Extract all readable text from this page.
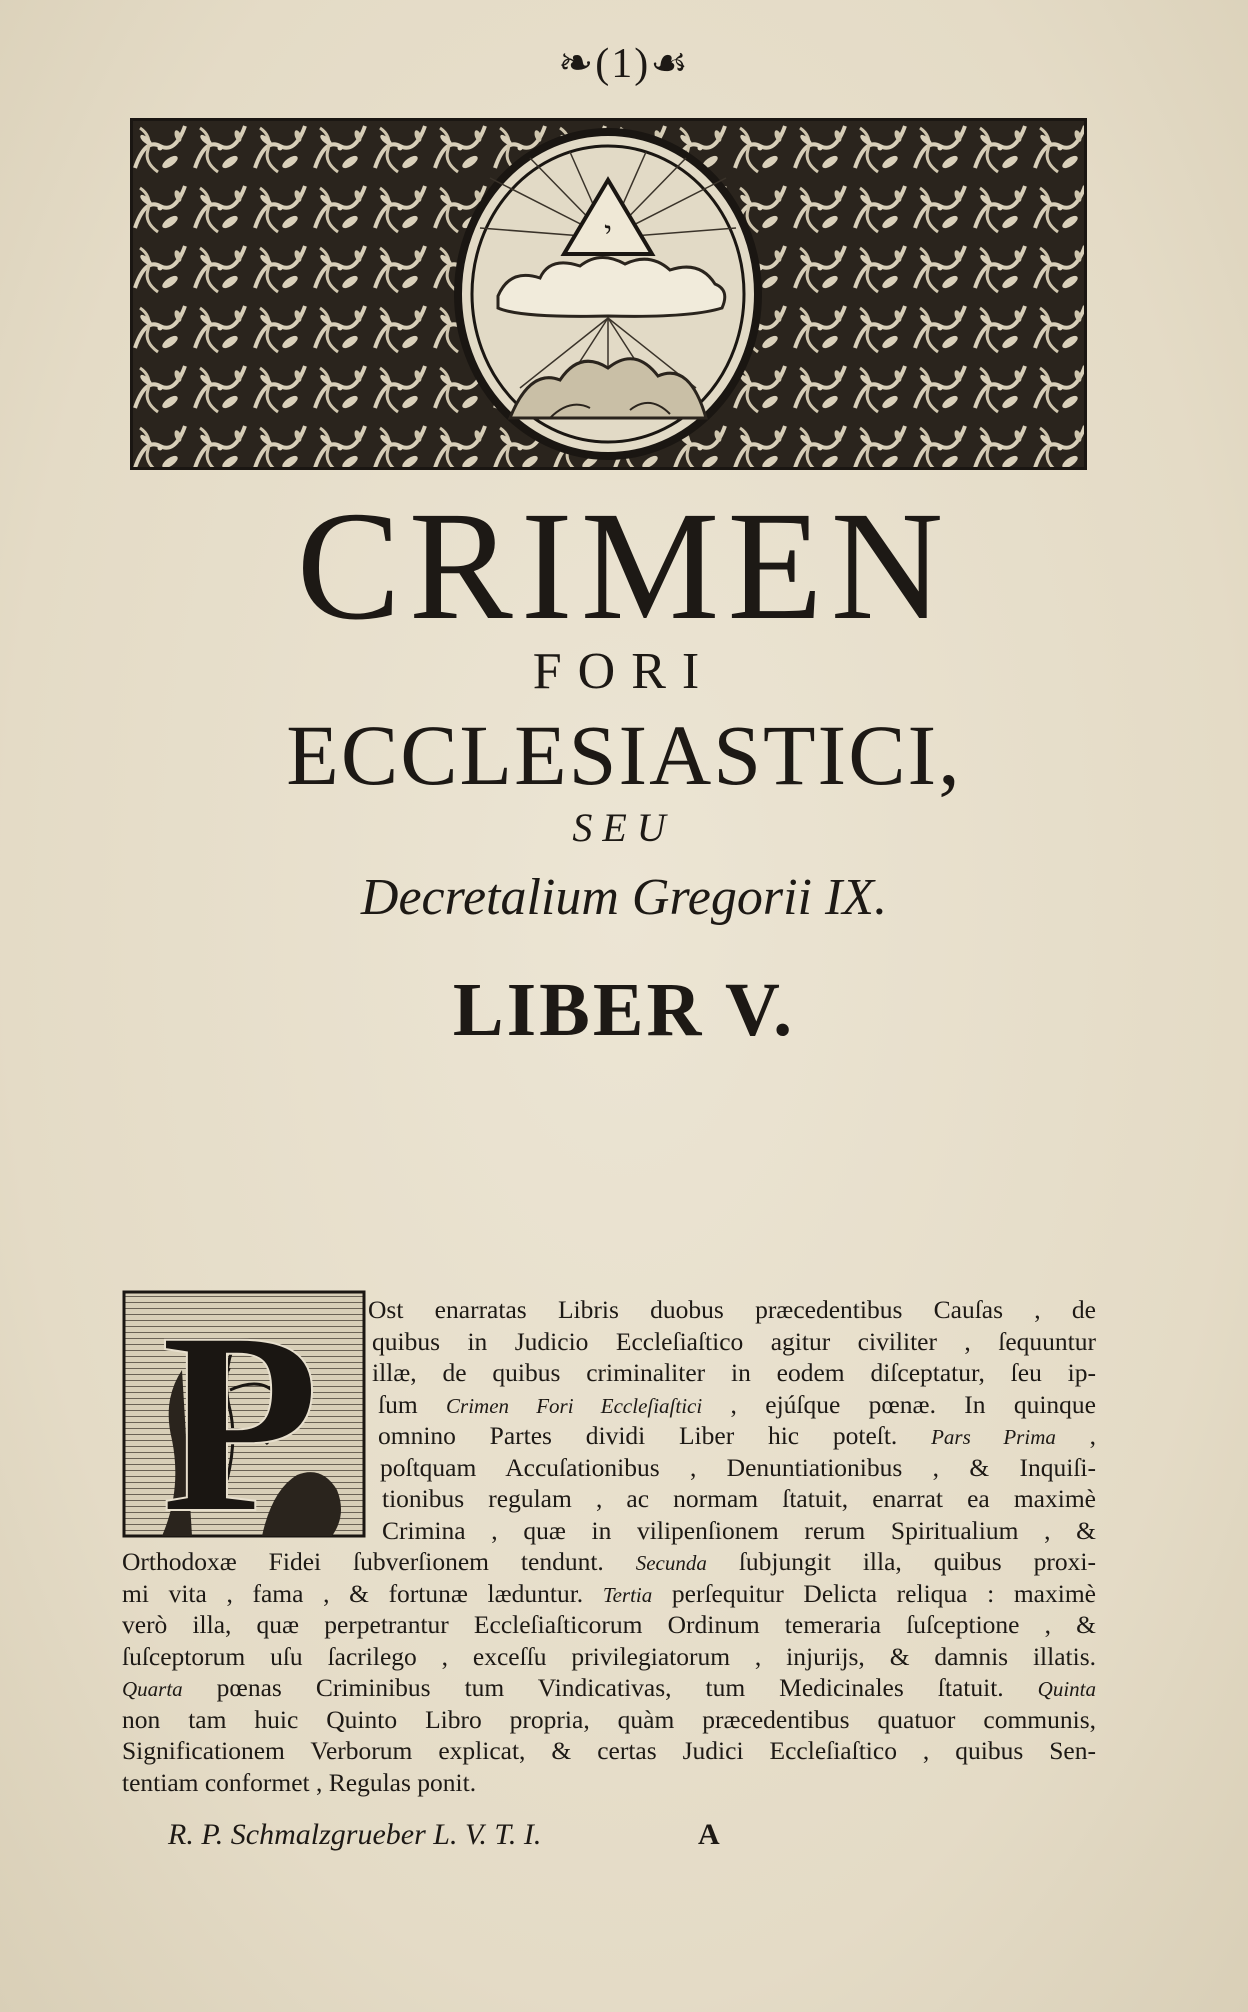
❧(1)☙
י
CRIMEN
FORI
ECCLESIASTICI,
SEU
Decretalium Gregorii IX.
LIBER V.
P	Ost enarratas Libris duobus præcedentibus Cauſas , de
quibus in Judicio Eccleſiaſtico agitur civiliter , ſequuntur
illæ, de quibus criminaliter in eodem diſceptatur, ſeu ip-
ſum Crimen Fori Eccleſiaſtici , ejúſque pœnæ. In quinque
omnino Partes dividi Liber hic poteſt. Pars Prima ,
poſtquam Accuſationibus , Denuntiationibus , & Inquiſi-
tionibus regulam , ac normam ſtatuit, enarrat ea maximè
Crimina , quæ in vilipenſionem rerum Spiritualium , &
Orthodoxæ Fidei ſubverſionem tendunt. Secunda ſubjungit illa, quibus proxi-
mi vita , fama , & fortunæ læduntur. Tertia perſequitur Delicta reliqua : maximè
verò illa, quæ perpetrantur Eccleſiaſticorum Ordinum temeraria ſuſceptione , &
ſuſceptorum uſu ſacrilego , exceſſu privilegiatorum , injurijs, & damnis illatis.
Quarta pœnas Criminibus tum Vindicativas, tum Medicinales ſtatuit. Quinta
non tam huic Quinto Libro propria, quàm præcedentibus quatuor communis,
Significationem Verborum explicat, & certas Judici Eccleſiaſtico , quibus Sen-
tentiam conformet , Regulas ponit.
R. P. Schmalzgrueber L. V. T. I.	A
